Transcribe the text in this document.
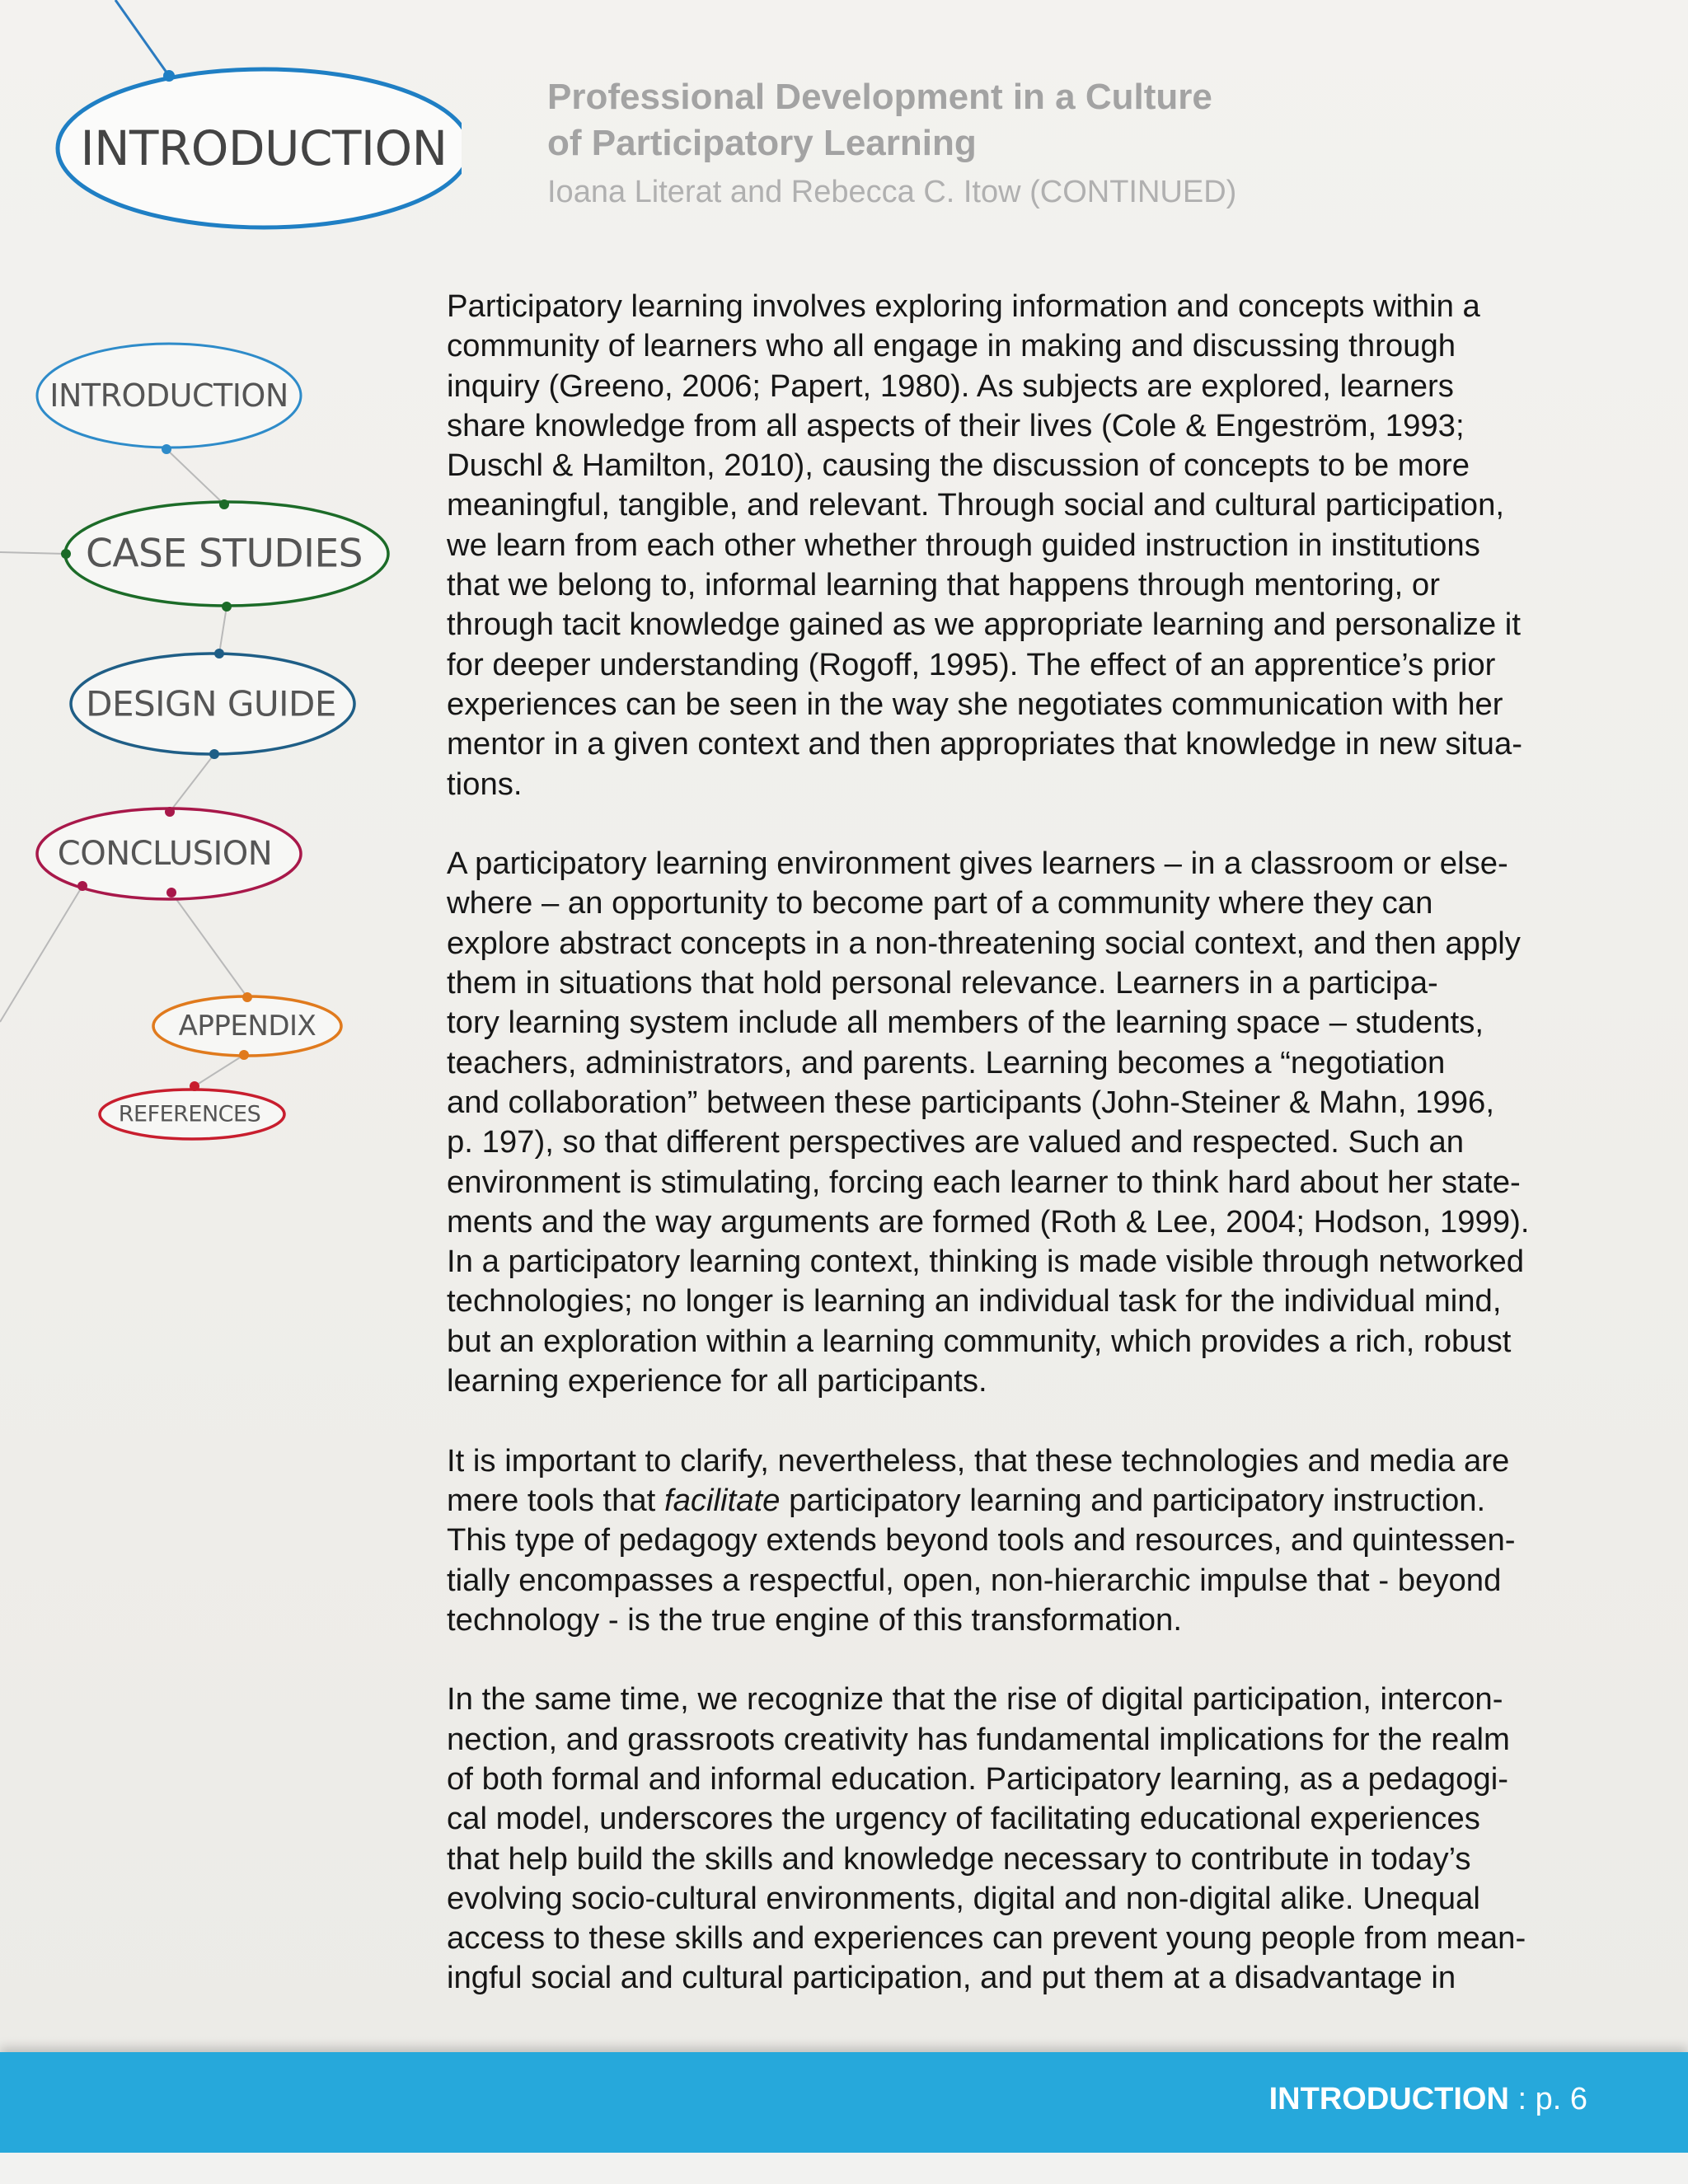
INTRODUCTION
INTRODUCTION
CASE STUDIES
DESIGN GUIDE
CONCLUSION
APPENDIX
REFERENCES
Professional Development in a Culture
of Participatory Learning
Ioana Literat and Rebecca C. Itow (CONTINUED)

Participatory learning involves exploring information and concepts within a
community of learners who all engage in making and discussing through
inquiry (Greeno, 2006; Papert, 1980). As subjects are explored, learners
share knowledge from all aspects of their lives (Cole & Engeström, 1993;
Duschl & Hamilton, 2010), causing the discussion of concepts to be more
meaningful, tangible, and relevant. Through social and cultural participation,
we learn from each other whether through guided instruction in institutions
that we belong to, informal learning that happens through mentoring, or
through tacit knowledge gained as we appropriate learning and personalize it
for deeper understanding (Rogoff, 1995). The effect of an apprentice’s prior
experiences can be seen in the way she negotiates communication with her
mentor in a given context and then appropriates that knowledge in new situa-
tions.

A participatory learning environment gives learners – in a classroom or else-
where – an opportunity to become part of a community where they can
explore abstract concepts in a non-threatening social context, and then apply
them in situations that hold personal relevance. Learners in a participa-
tory learning system include all members of the learning space – students,
teachers, administrators, and parents. Learning becomes a “negotiation
and collaboration” between these participants (John-Steiner & Mahn, 1996,
p. 197), so that different perspectives are valued and respected. Such an
environment is stimulating, forcing each learner to think hard about her state-
ments and the way arguments are formed (Roth & Lee, 2004; Hodson, 1999).
In a participatory learning context, thinking is made visible through networked
technologies; no longer is learning an individual task for the individual mind,
but an exploration within a learning community, which provides a rich, robust
learning experience for all participants.

It is important to clarify, nevertheless, that these technologies and media are
mere tools that facilitate participatory learning and participatory instruction.
This type of pedagogy extends beyond tools and resources, and quintessen-
tially encompasses a respectful, open, non-hierarchic impulse that - beyond
technology - is the true engine of this transformation.

In the same time, we recognize that the rise of digital participation, intercon-
nection, and grassroots creativity has fundamental implications for the realm
of both formal and informal education. Participatory learning, as a pedagogi-
cal model, underscores the urgency of facilitating educational experiences
that help build the skills and knowledge necessary to contribute in today’s
evolving socio-cultural environments, digital and non-digital alike. Unequal
access to these skills and experiences can prevent young people from mean-
ingful social and cultural participation, and put them at a disadvantage in

INTRODUCTION : p. 6
